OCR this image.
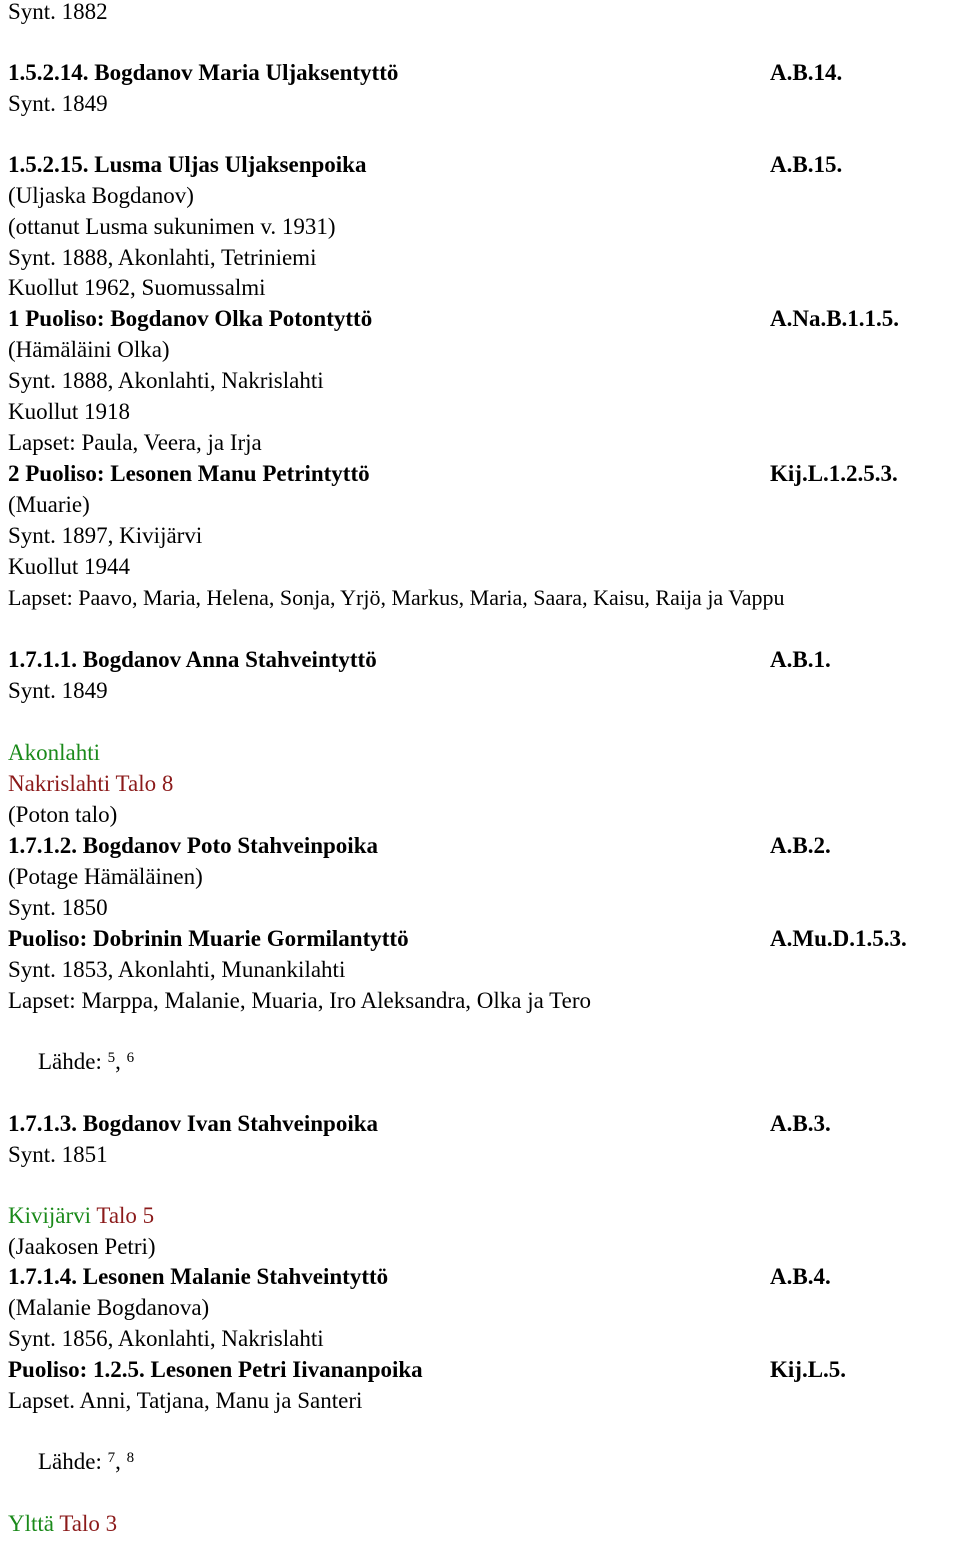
Synt. 1882
1.5.2.14. Bogdanov Maria Uljaksentyttö	A.B.14.
Synt. 1849
1.5.2.15. Lusma Uljas Uljaksenpoika	A.B.15.
(Uljaska Bogdanov)
(ottanut Lusma sukunimen v. 1931)
Synt. 1888, Akonlahti, Tetriniemi
Kuollut 1962, Suomussalmi
1 Puoliso: Bogdanov Olka Potontyttö	A.Na.B.1.1.5.
(Hämäläini Olka)
Synt. 1888, Akonlahti, Nakrislahti
Kuollut 1918
Lapset: Paula, Veera, ja Irja
2 Puoliso: Lesonen Manu Petrintyttö	Kij.L.1.2.5.3.
(Muarie)
Synt. 1897, Kivijärvi
Kuollut 1944
Lapset: Paavo, Maria, Helena, Sonja, Yrjö, Markus, Maria, Saara, Kaisu, Raija ja Vappu
1.7.1.1. Bogdanov Anna Stahveintyttö	A.B.1.
Synt. 1849
Akonlahti
Nakrislahti Talo 8
(Poton talo)
1.7.1.2. Bogdanov Poto Stahveinpoika	A.B.2.
(Potage Hämäläinen)
Synt. 1850
Puoliso: Dobrinin Muarie Gormilantyttö	A.Mu.D.1.5.3.
Synt. 1853, Akonlahti, Munankilahti
Lapset: Marppa, Malanie, Muaria, Iro Aleksandra, Olka ja Tero
Lähde: $^5$, $^6$
1.7.1.3. Bogdanov Ivan Stahveinpoika	A.B.3.
Synt. 1851
Kivijärvi Talo 5
(Jaakosen Petri)
1.7.1.4. Lesonen Malanie Stahveintyttö	A.B.4.
(Malanie Bogdanova)
Synt. 1856, Akonlahti, Nakrislahti
Puoliso: 1.2.5. Lesonen Petri Iivananpoika	Kij.L.5.
Lapset. Anni, Tatjana, Manu ja Santeri
Lähde: $^7$, $^8$
Ylttä Talo 3
